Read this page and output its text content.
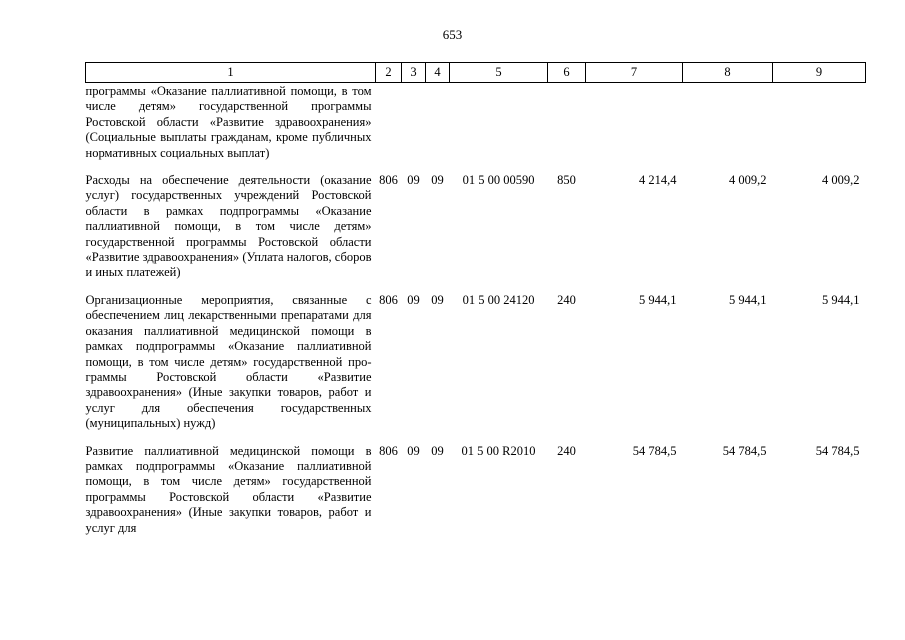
653
1	2	3	4	5	6	7	8	9
программы «Оказание паллиативной помощи, в том числе детям» государственной программы Ростовской области «Развитие здравоохранения» (Социальные выплаты гражданам, кроме публичных нормативных социальных выплат)								
Расходы на обеспечение деятельности (оказание услуг) государственных учреждений Ростовской области в рамках подпрограммы «Оказание паллиативной помощи, в том числе детям» государственной программы Ростовской области «Развитие здравоохранения» (Уплата налогов, сборов и иных платежей)	806	09	09	01 5 00 00590	850	4 214,4	4 009,2	4 009,2
Организационные мероприятия, связанные с обеспечением лиц лекарственными препаратами для оказания паллиативной медицинской помощи в рамках подпрограммы «Оказание паллиативной помощи, в том числе детям» государственной программы Ростовской области «Развитие здравоохранения» (Иные закупки товаров, работ и услуг для обеспечения государственных (муниципальных) нужд)	806	09	09	01 5 00 24120	240	5 944,1	5 944,1	5 944,1
Развитие паллиативной медицинской помощи в рамках подпрограммы «Оказание паллиативной помощи, в том числе детям» государственной программы Ростовской области «Развитие здравоохранения» (Иные закупки товаров, работ и услуг для	806	09	09	01 5 00 R2010	240	54 784,5	54 784,5	54 784,5
